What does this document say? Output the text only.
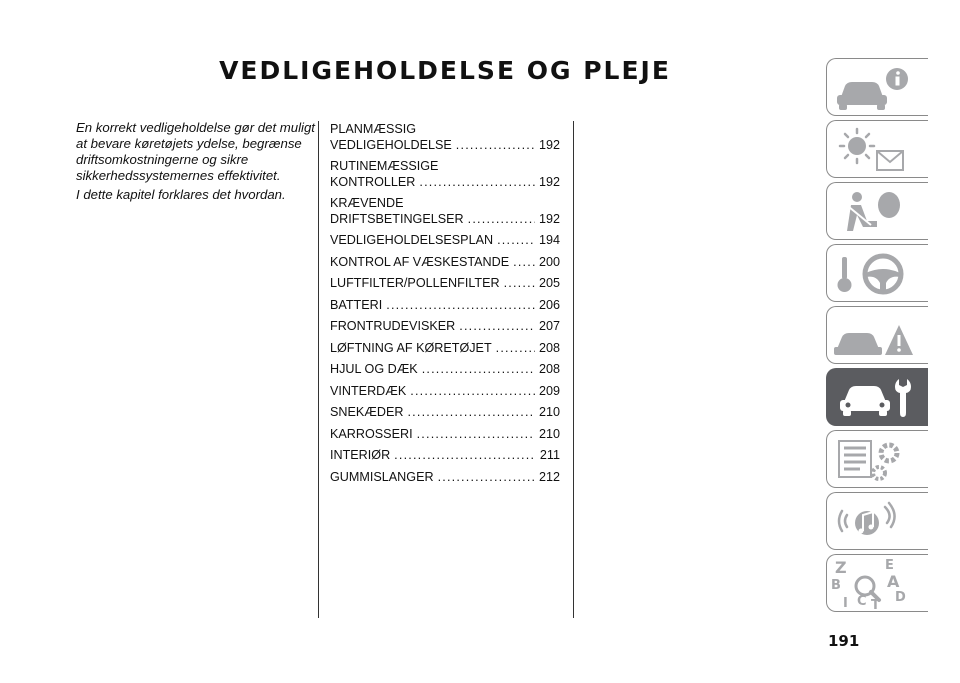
VEDLIGEHOLDELSE OG PLEJE

En korrekt vedligeholdelse gør det muligt at bevare køretøjets ydelse, begrænse driftsomkostningerne og sikre sikkerhedssystemernes effektivitet.

I dette kapitel forklares det hvordan.

PLANMÆSSIG
VEDLIGEHOLDELSE .....	192
RUTINEMÆSSIGE
KONTROLLER .....	192
KRÆVENDE
DRIFTSBETINGELSER .....	192
VEDLIGEHOLDELSESPLAN .....	194
KONTROL AF VÆSKESTANDE ..... 200
LUFTFILTER/POLLENFILTER .....	205
BATTERI .....	206
FRONTRUDEVISKER .....	207
LØFTNING AF KØRETØJET .....	208
HJUL OG DÆK .....	208
VINTERDÆK .....	209
SNEKÆDER .....	210
KARROSSERI .....	210
INTERIØR .....	211
GUMMISLANGER .....	212
Z	E
B	A
I C T
D
191
